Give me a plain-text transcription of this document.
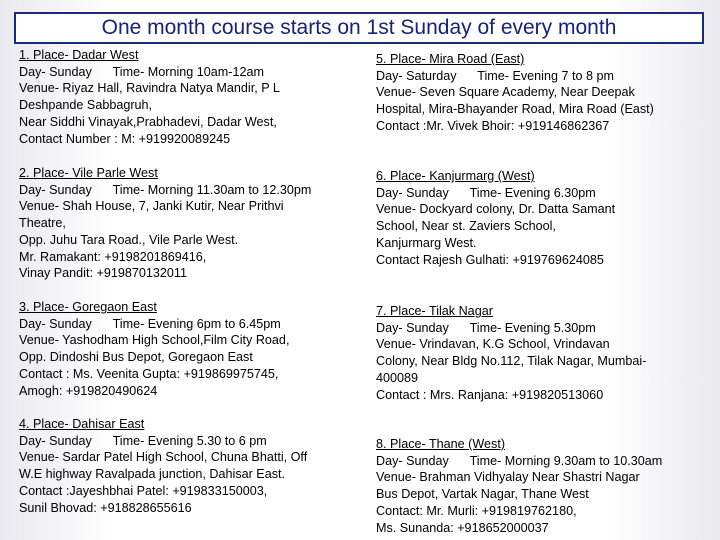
One month course starts on 1st Sunday of every month
1. Place- Dadar West
Day- Sunday      Time- Morning 10am-12am
Venue- Riyaz Hall, Ravindra Natya Mandir, P L
Deshpande Sabbagruh,
Near Siddhi Vinayak,Prabhadevi, Dadar West,
Contact Number : M: +919920089245
2. Place- Vile Parle West
Day- Sunday      Time- Morning 11.30am to 12.30pm
Venue- Shah House, 7, Janki Kutir, Near Prithvi
Theatre,
Opp. Juhu Tara Road., Vile Parle West.
Mr. Ramakant: +9198201869416,
Vinay Pandit: +919870132011
3. Place- Goregaon East
Day- Sunday      Time- Evening 6pm to 6.45pm
Venue- Yashodham High School,Film City Road,
Opp. Dindoshi Bus Depot, Goregaon East
Contact : Ms. Veenita Gupta: +919869975745,
Amogh: +919820490624
4. Place- Dahisar East
Day- Sunday      Time- Evening 5.30 to 6 pm
Venue- Sardar Patel High School, Chuna Bhatti, Off
W.E highway Ravalpada junction, Dahisar East.
Contact :Jayeshbhai Patel: +919833150003,
Sunil Bhovad: +918828655616
5. Place- Mira Road (East)
Day- Saturday      Time- Evening 7 to 8 pm
Venue- Seven Square Academy, Near Deepak
Hospital, Mira-Bhayander Road, Mira Road (East)
Contact :Mr. Vivek Bhoir: +919146862367
6. Place- Kanjurmarg (West)
Day- Sunday      Time- Evening 6.30pm
Venue- Dockyard colony, Dr. Datta Samant
School, Near st. Zaviers School,
Kanjurmarg West.
Contact Rajesh Gulhati: +919769624085
7. Place- Tilak Nagar
Day- Sunday      Time- Evening 5.30pm
Venue- Vrindavan, K.G School, Vrindavan
Colony, Near Bldg No.112, Tilak Nagar, Mumbai-
400089
Contact : Mrs. Ranjana: +919820513060
8. Place- Thane (West)
Day- Sunday      Time- Morning 9.30am to 10.30am
Venue- Brahman Vidhyalay Near Shastri Nagar
Bus Depot, Vartak Nagar, Thane West
Contact: Mr. Murli: +919819762180,
Ms. Sunanda: +918652000037
